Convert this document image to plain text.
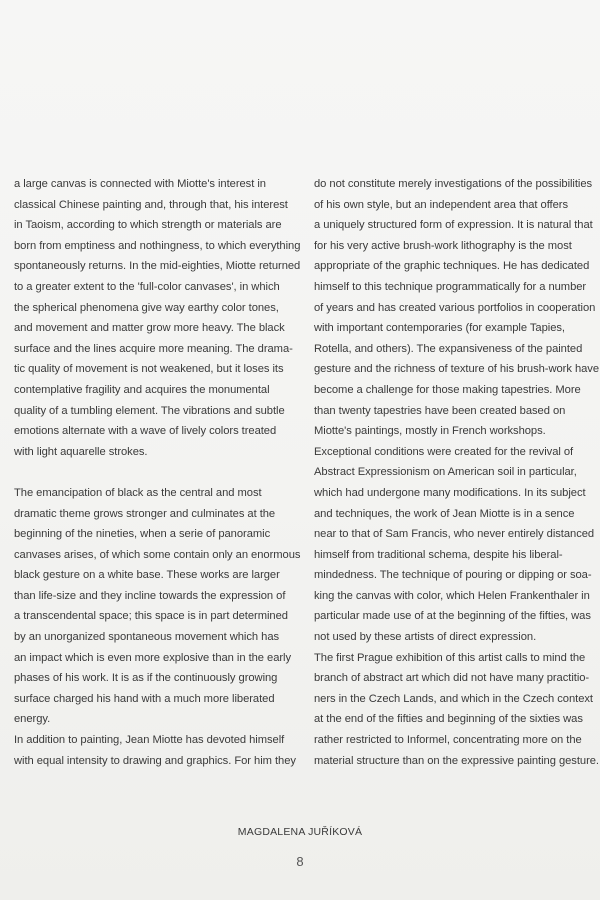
a large canvas is connected with Miotte's interest in
classical Chinese painting and, through that, his interest
in Taoism, according to which strength or materials are
born from emptiness and nothingness, to which everything
spontaneously returns. In the mid-eighties, Miotte returned
to a greater extent to the 'full-color canvases', in which
the spherical phenomena give way earthy color tones,
and movement and matter grow more heavy. The black
surface and the lines acquire more meaning. The drama-
tic quality of movement is not weakened, but it loses its
contemplative fragility and acquires the monumental
quality of a tumbling element. The vibrations and subtle
emotions alternate with a wave of lively colors treated
with light aquarelle strokes.
The emancipation of black as the central and most
dramatic theme grows stronger and culminates at the
beginning of the nineties, when a serie of panoramic
canvases arises, of which some contain only an enormous
black gesture on a white base. These works are larger
than life-size and they incline towards the expression of
a transcendental space; this space is in part determined
by an unorganized spontaneous movement which has
an impact which is even more explosive than in the early
phases of his work. It is as if the continuously growing
surface charged his hand with a much more liberated
energy.
In addition to painting, Jean Miotte has devoted himself
with equal intensity to drawing and graphics. For him they
do not constitute merely investigations of the possibilities
of his own style, but an independent area that offers
a uniquely structured form of expression. It is natural that
for his very active brush-work lithography is the most
appropriate of the graphic techniques. He has dedicated
himself to this technique programmatically for a number
of years and has created various portfolios in cooperation
with important contemporaries (for example Tapies,
Rotella, and others). The expansiveness of the painted
gesture and the richness of texture of his brush-work have
become a challenge for those making tapestries. More
than twenty tapestries have been created based on
Miotte's paintings, mostly in French workshops.
Exceptional conditions were created for the revival of
Abstract Expressionism on American soil in particular,
which had undergone many modifications. In its subject
and techniques, the work of Jean Miotte is in a sence
near to that of Sam Francis, who never entirely distanced
himself from traditional schema, despite his liberal-
mindedness. The technique of pouring or dipping or soa-
king the canvas with color, which Helen Frankenthaler in
particular made use of at the beginning of the fifties, was
not used by these artists of direct expression.
The first Prague exhibition of this artist calls to mind the
branch of abstract art which did not have many practitio-
ners in the Czech Lands, and which in the Czech context
at the end of the fifties and beginning of the sixties was
rather restricted to Informel, concentrating more on the
material structure than on the expressive painting gesture.
MAGDALENA JUŘÍKOVÁ
8
